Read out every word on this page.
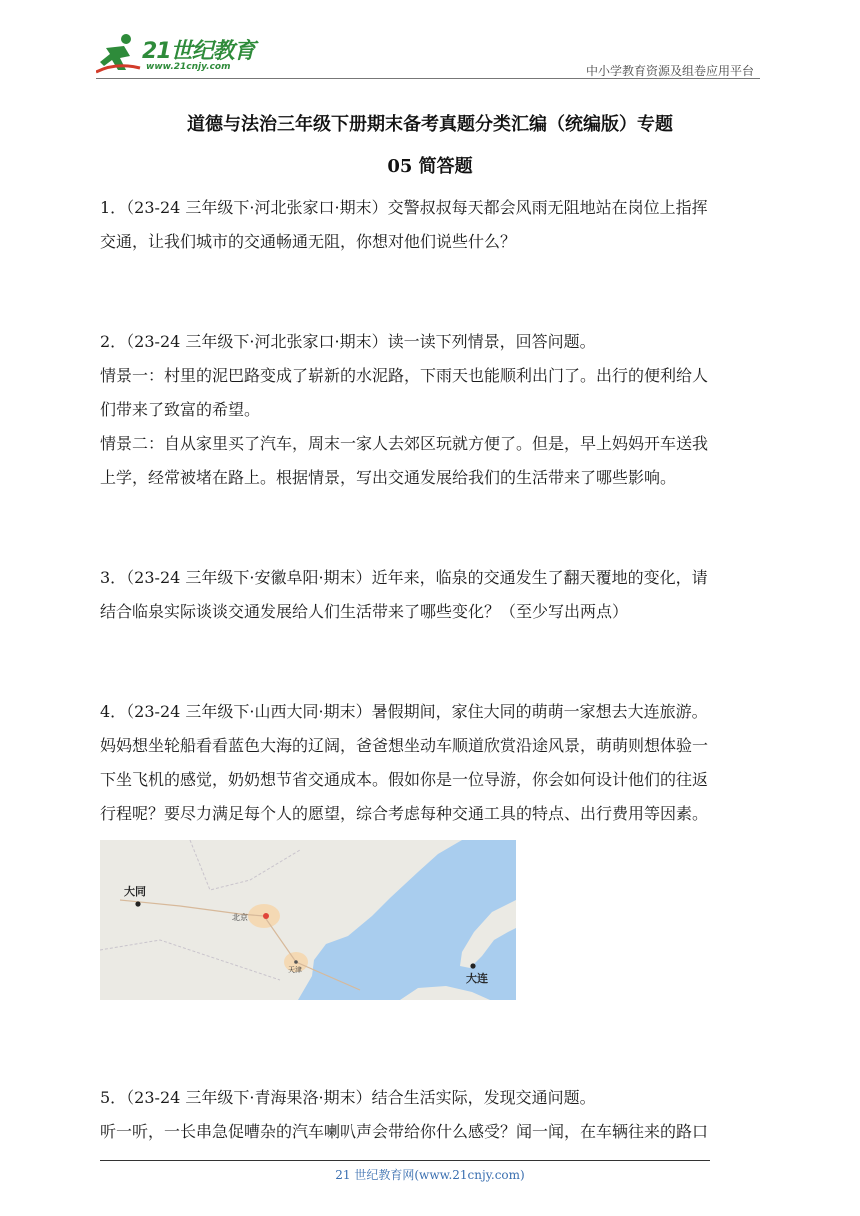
21世纪教育
www.21cnjy.com	中小学教育资源及组卷应用平台
道德与法治三年级下册期末备考真题分类汇编（统编版）专题
05 简答题
1．（23-24 三年级下·河北张家口·期末）交警叔叔每天都会风雨无阻地站在岗位上指挥
交通，让我们城市的交通畅通无阻，你想对他们说些什么？
2．（23-24 三年级下·河北张家口·期末）读一读下列情景，回答问题。
情景一：村里的泥巴路变成了崭新的水泥路，下雨天也能顺利出门了。出行的便利给人
们带来了致富的希望。
情景二：自从家里买了汽车，周末一家人去郊区玩就方便了。但是，早上妈妈开车送我
上学，经常被堵在路上。根据情景，写出交通发展给我们的生活带来了哪些影响。
3．（23-24 三年级下·安徽阜阳·期末）近年来，临泉的交通发生了翻天覆地的变化，请
结合临泉实际谈谈交通发展给人们生活带来了哪些变化？（至少写出两点）
4．（23-24 三年级下·山西大同·期末）暑假期间，家住大同的萌萌一家想去大连旅游。
妈妈想坐轮船看看蓝色大海的辽阔，爸爸想坐动车顺道欣赏沿途风景，萌萌则想体验一
下坐飞机的感觉，奶奶想节省交通成本。假如你是一位导游，你会如何设计他们的往返
行程呢？要尽力满足每个人的愿望，综合考虑每种交通工具的特点、出行费用等因素。
大同
北京
天津
大连
5．（23-24 三年级下·青海果洛·期末）结合生活实际，发现交通问题。
听一听，一长串急促嘈杂的汽车喇叭声会带给你什么感受？闻一闻，在车辆往来的路口
21 世纪教育网(www.21cnjy.com)
